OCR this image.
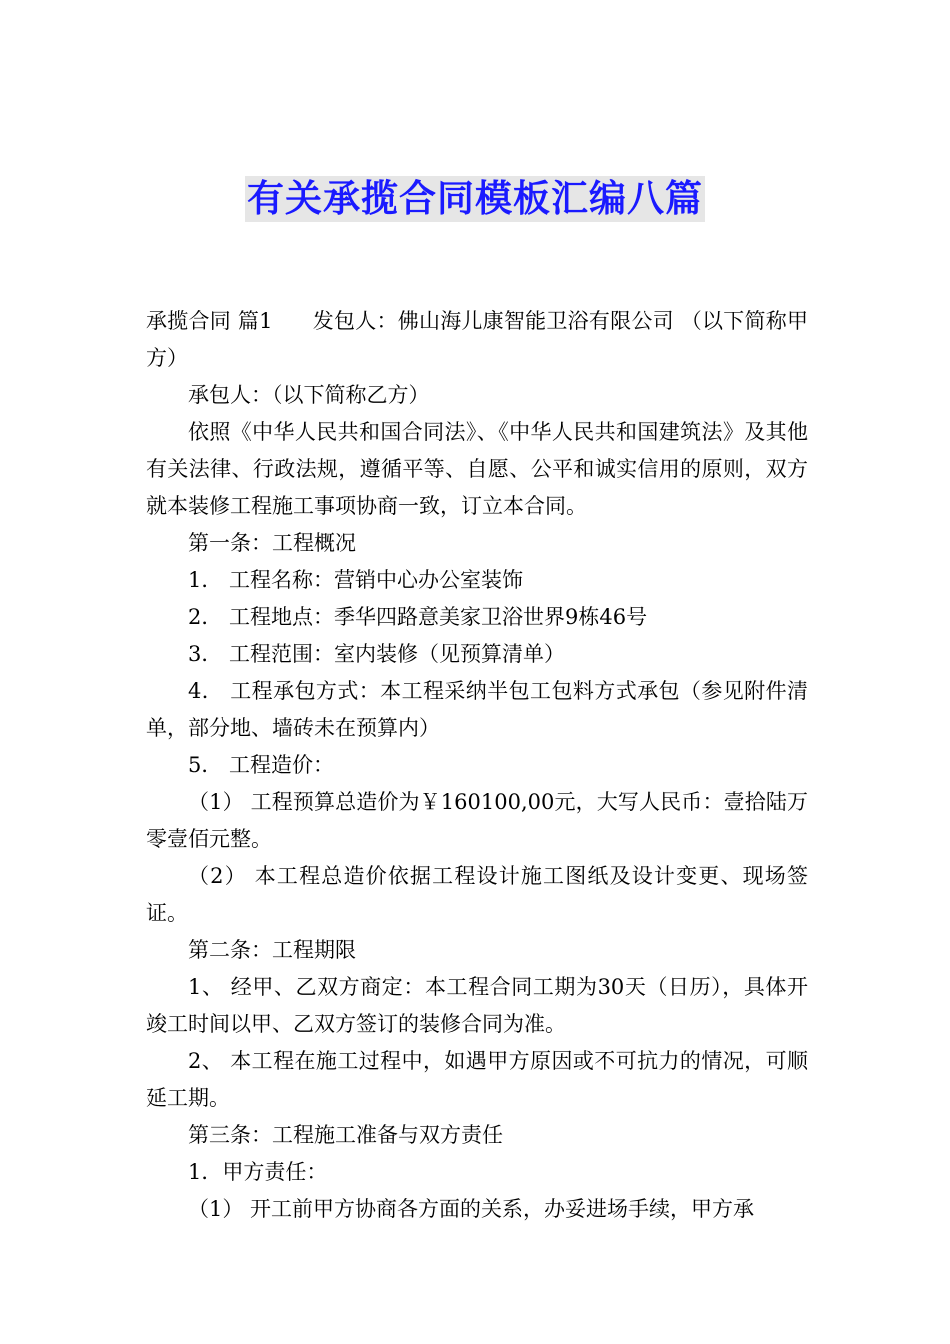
有关承揽合同模板汇编八篇

承揽合同 篇1 发包人：佛山海儿康智能卫浴有限公司 （以下简称甲方）

承包人：（以下简称乙方）

依照《中华人民共和国合同法》、《中华人民共和国建筑法》及其他有关法律、行政法规，遵循平等、自愿、公平和诚实信用的原则，双方就本装修工程施工事项协商一致，订立本合同。

第一条：工程概况

1． 工程名称：营销中心办公室装饰

2． 工程地点：季华四路意美家卫浴世界9栋46号

3． 工程范围：室内装修（见预算清单）

4． 工程承包方式：本工程采纳半包工包料方式承包（参见附件清单，部分地、墙砖未在预算内）

5． 工程造价：

（1） 工程预算总造价为￥160100,00元，大写人民币：壹拾陆万零壹佰元整。

（2） 本工程总造价依据工程设计施工图纸及设计变更、现场签证。

第二条：工程期限

1、 经甲、乙双方商定：本工程合同工期为30天（日历），具体开竣工时间以甲、乙双方签订的装修合同为准。

2、 本工程在施工过程中，如遇甲方原因或不可抗力的情况，可顺延工期。

第三条：工程施工准备与双方责任

1．甲方责任：

（1） 开工前甲方协商各方面的关系，办妥进场手续，甲方承
